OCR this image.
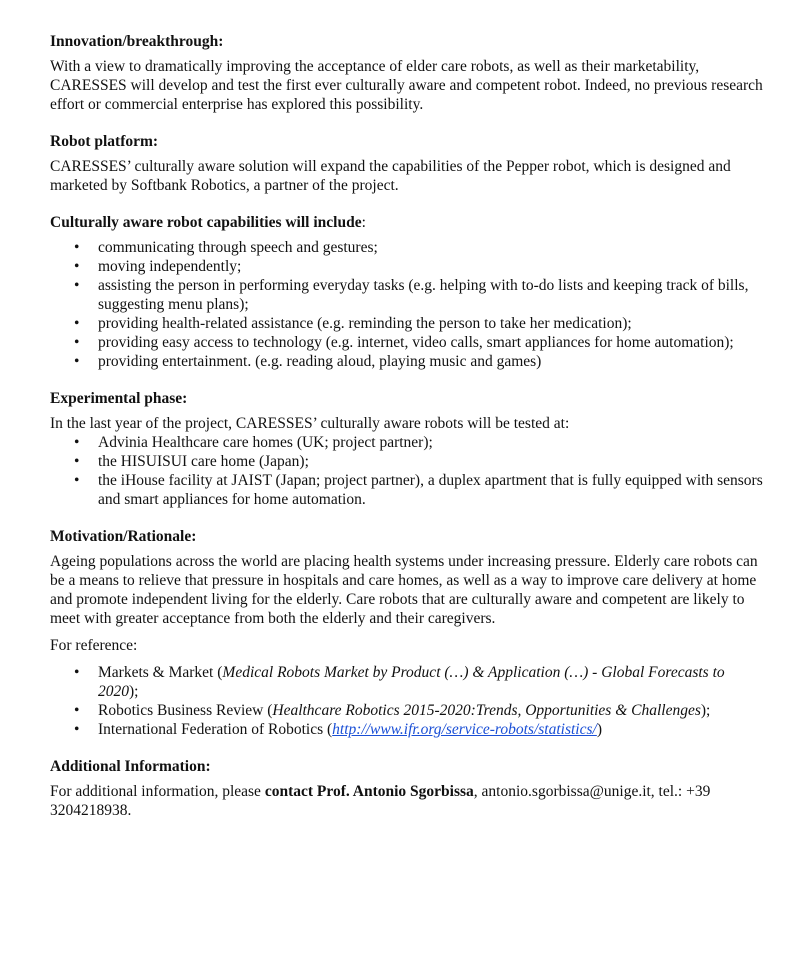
Innovation/breakthrough:

With a view to dramatically improving the acceptance of elder care robots, as well as their marketability, CARESSES will develop and test the first ever culturally aware and competent robot. Indeed, no previous research effort or commercial enterprise has explored this possibility.

Robot platform:

CARESSES’ culturally aware solution will expand the capabilities of the Pepper robot, which is designed and marketed by Softbank Robotics, a partner of the project.

Culturally aware robot capabilities will include:
• communicating through speech and gestures;
• moving independently;
• assisting the person in performing everyday tasks (e.g. helping with to-do lists and keeping track of bills, suggesting menu plans);
• providing health-related assistance (e.g. reminding the person to take her medication);
• providing easy access to technology (e.g. internet, video calls, smart appliances for home automation);
• providing entertainment. (e.g. reading aloud, playing music and games)
Experimental phase:

In the last year of the project, CARESSES’ culturally aware robots will be tested at:

• Advinia Healthcare care homes (UK; project partner);
• the HISUISUI care home (Japan);
• the iHouse facility at JAIST (Japan; project partner), a duplex apartment that is fully equipped with sensors and smart appliances for home automation.
Motivation/Rationale:

Ageing populations across the world are placing health systems under increasing pressure. Elderly care robots can be a means to relieve that pressure in hospitals and care homes, as well as a way to improve care delivery at home and promote independent living for the elderly. Care robots that are culturally aware and competent are likely to meet with greater acceptance from both the elderly and their caregivers.

For reference:

• Markets & Market (Medical Robots Market by Product (…) & Application (…) - Global Forecasts to 2020);
• Robotics Business Review (Healthcare Robotics 2015-2020:Trends, Opportunities & Challenges);
• International Federation of Robotics (http://www.ifr.org/service-robots/statistics/)
Additional Information:

For additional information, please contact Prof. Antonio Sgorbissa, antonio.sgorbissa@unige.it, tel.: +39 3204218938.
